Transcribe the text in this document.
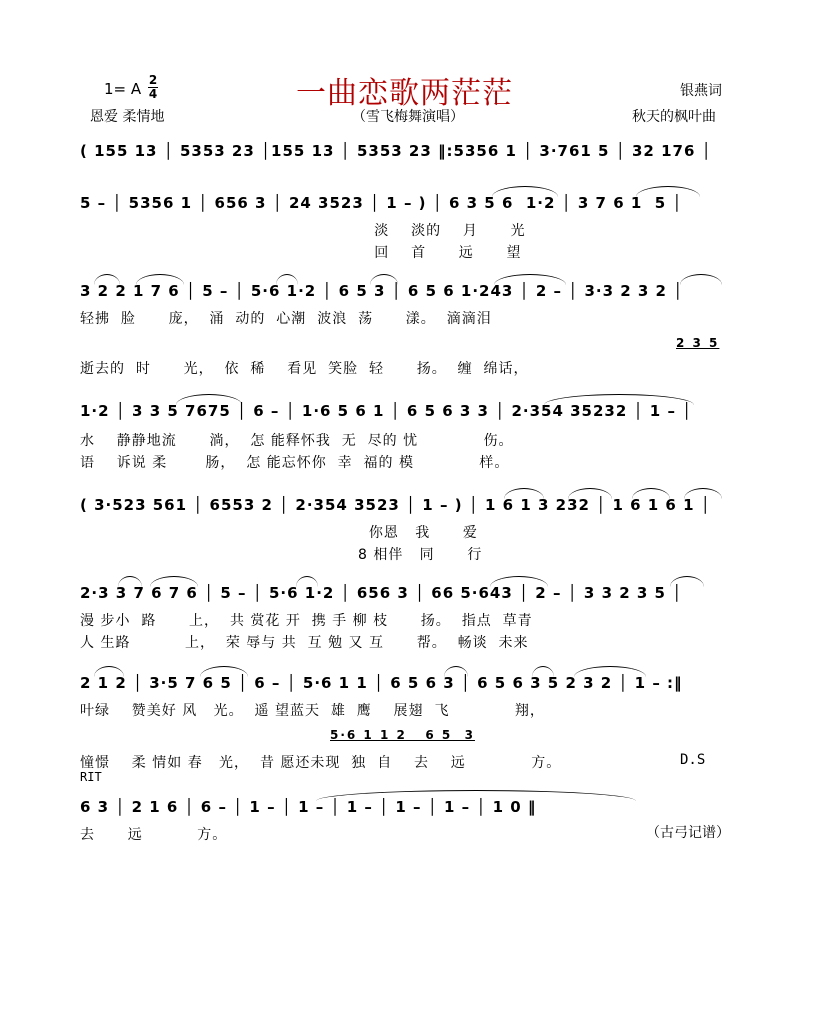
1= A 2
4	一曲恋歌两茫茫	银燕词
恩爱 柔情地	（雪飞梅舞演唱）	秋天的枫叶曲
( 155 13 │ 5353 23 │155 13 │ 5353 23 ‖:5356 1 │ 3·761 5 │ 32 176 │
5 – │ 5356 1 │ 656 3 │ 24 3523 │ 1 – ) │ 6 3 5 6  1·2 │ 3 7 6 1  5 │
淡    淡的    月      光
回    首      远      望
3 2 2 1 7 6 │ 5 – │ 5·6 1·2 │ 6 5 3 │ 6 5 6 1·243 │ 2 – │ 3·3 2 3 2 │
轻拂  脸      庞，  涌  动的  心潮  波浪  荡      漾。  滴滴泪
2 3 5
逝去的  时      光，  依  稀    看见  笑脸  轻      扬。  缠  绵话，
1·2 │ 3 3 5 7675 │ 6 – │ 1·6 5 6 1 │ 6 5 6 3 3 │ 2·354 35232 │ 1 – │
水    静静地流      淌，  怎 能释怀我  无  尽的 忧            伤。
语    诉说 柔       肠，  怎 能忘怀你  幸  福的 模            样。
( 3·523 561 │ 6553 2 │ 2·354 3523 │ 1 – ) │ 1 6 1 3 232 │ 1 6 1 6 1 │
你恩   我      爱
8 相伴   同      行
2·3 3 7 6 7 6 │ 5 – │ 5·6 1·2 │ 656 3 │ 66 5·643 │ 2 – │ 3 3 2 3 5 │
漫 步小  路      上，  共 赏花 开  携 手 柳 枝      扬。  指点  草青
人 生路          上，  荣 辱与 共  互 勉 又 互      帮。  畅谈  未来
2 1 2 │ 3·5 7 6 5 │ 6 – │ 5·6 1 1 │ 6 5 6 3 │ 6 5 6 3 5 2 3 2 │ 1 – :‖
叶绿    赞美好 风   光。  遥 望蓝天  雄  鹰    展翅  飞            翔，
5·6 1 1 2   6 5  3
憧憬    柔 情如 春   光，  昔 愿还未现  独  自    去    远            方。	D.S
RIT
6 3 │ 2 1 6 │ 6 – │ 1 – │ 1 – │ 1 – │ 1 – │ 1 – │ 1 0 ‖
去      远          方。	（古弓记谱）
